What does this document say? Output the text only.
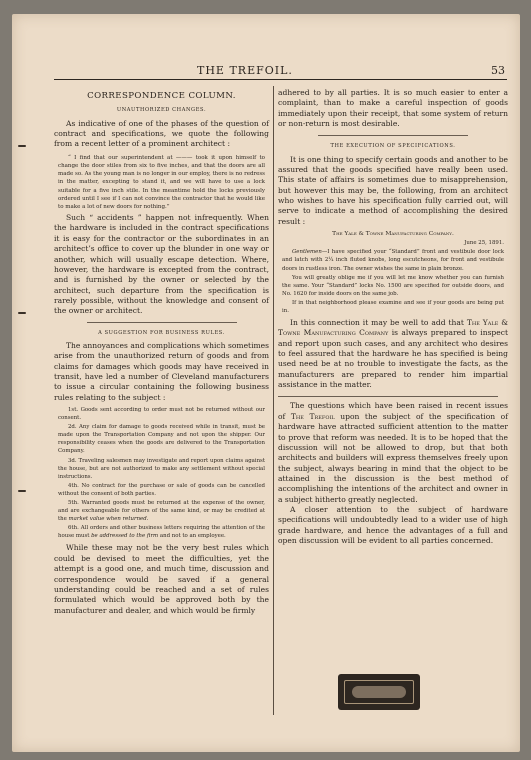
THE TREFOIL.	53
CORRESPONDENCE COLUMN.
UNAUTHORIZED CHANGES.

As indicative of one of the phases of the question of contract and specifications, we quote the following from a recent letter of a prominent architect :

“ I find that our superintendent at ——— took it upon himself to change the door stiles from six to five inches, and that the doors are all made so. As the young man is no longer in our employ, there is no redress in the matter, excepting to stand it, and we will have to use a lock suitable for a five inch stile. In the meantime hold the locks previously ordered until I see if I can not convince the contractor that he would like to make a lot of new doors for nothing.”

Such “ accidents ” happen not infrequently. When the hardware is included in the contract specifications it is easy for the contractor or the subordinates in an architect’s office to cover up the blunder in one way or another, which will usually escape detection. Where, however, the hardware is excepted from the contract, and is furnished by the owner or selected by the architect, such departure from the specification is rarely possible, without the knowledge and consent of the owner or architect.

A SUGGESTION FOR BUSINESS RULES.

The annoyances and complications which sometimes arise from the unauthorized return of goods and from claims for damages which goods may have received in transit, have led a number of Cleveland manufacturers to issue a circular containing the following business rules relating to the subject :

1st. Goods sent according to order must not be returned without our consent.

2d. Any claim for damage to goods received while in transit, must be made upon the Transportation Company and not upon the shipper. Our responsibility ceases when the goods are delivered to the Transportation Company.

3d. Traveling salesmen may investigate and report upon claims against the house, but are not authorized to make any settlement without special instructions.

4th. No contract for the purchase or sale of goods can be cancelled without the consent of both parties.

5th. Warranted goods must be returned at the expense of the owner, and are exchangeable for others of the same kind, or may be credited at the market value when returned.

6th. All orders and other business letters requiring the attention of the house must be addressed to the firm and not to an employee.

While these may not be the very best rules which could be devised to meet the difficulties, yet the attempt is a good one, and much time, discussion and correspondence would be saved if a general understanding could be reached and a set of rules formulated which would be approved both by the manufacturer and dealer, and which would be firmly

adhered to by all parties. It is so much easier to enter a complaint, than to make a careful inspection of goods immediately upon their receipt, that some system of return or non-return is most desirable.

THE EXECUTION OF SPECIFICATIONS.

It is one thing to specify certain goods and another to be assured that the goods specified have really been used. This state of affairs is sometimes due to misapprehension, but however this may be, the following, from an architect who wishes to have his specification fully carried out, will serve to indicate a method of accomplishing the desired result :

The Yale & Towne Manufacturing Company.

June 25, 1891.

Gentlemen—I have specified your “Standard” front and vestibule door lock and latch with 2¼ inch fluted knobs, long escutcheons, for front and vestibule doors in rustless iron. The owner wishes the same in plain bronze.

You will greatly oblige me if you will let me know whether you can furnish the same. Your “Standard” locks No. 1500 are specified for outside doors, and No. 1620 for inside doors on the same job.

If in that neighborhood please examine and see if your goods are being put in.

In this connection it may be well to add that The Yale & Towne Manufacturing Company is always prepared to inspect and report upon such cases, and any architect who desires to feel assured that the hardware he has specified is being used need be at no trouble to investigate the facts, as the manufacturers are prepared to render him impartial assistance in the matter.

The questions which have been raised in recent issues of The Trefoil upon the subject of the specification of hardware have attracted sufficient attention to the matter to prove that reform was needed. It is to be hoped that the discussion will not be allowed to drop, but that both architects and builders will express themselves freely upon the subject, always bearing in mind that the object to be attained in the discussion is the best method of accomplishing the intentions of the architect and owner in a subject hitherto greatly neglected.

A closer attention to the subject of hardware specifications will undoubtedly lead to a wider use of high grade hardware, and hence the advantages of a full and open discussion will be evident to all parties concerned.
